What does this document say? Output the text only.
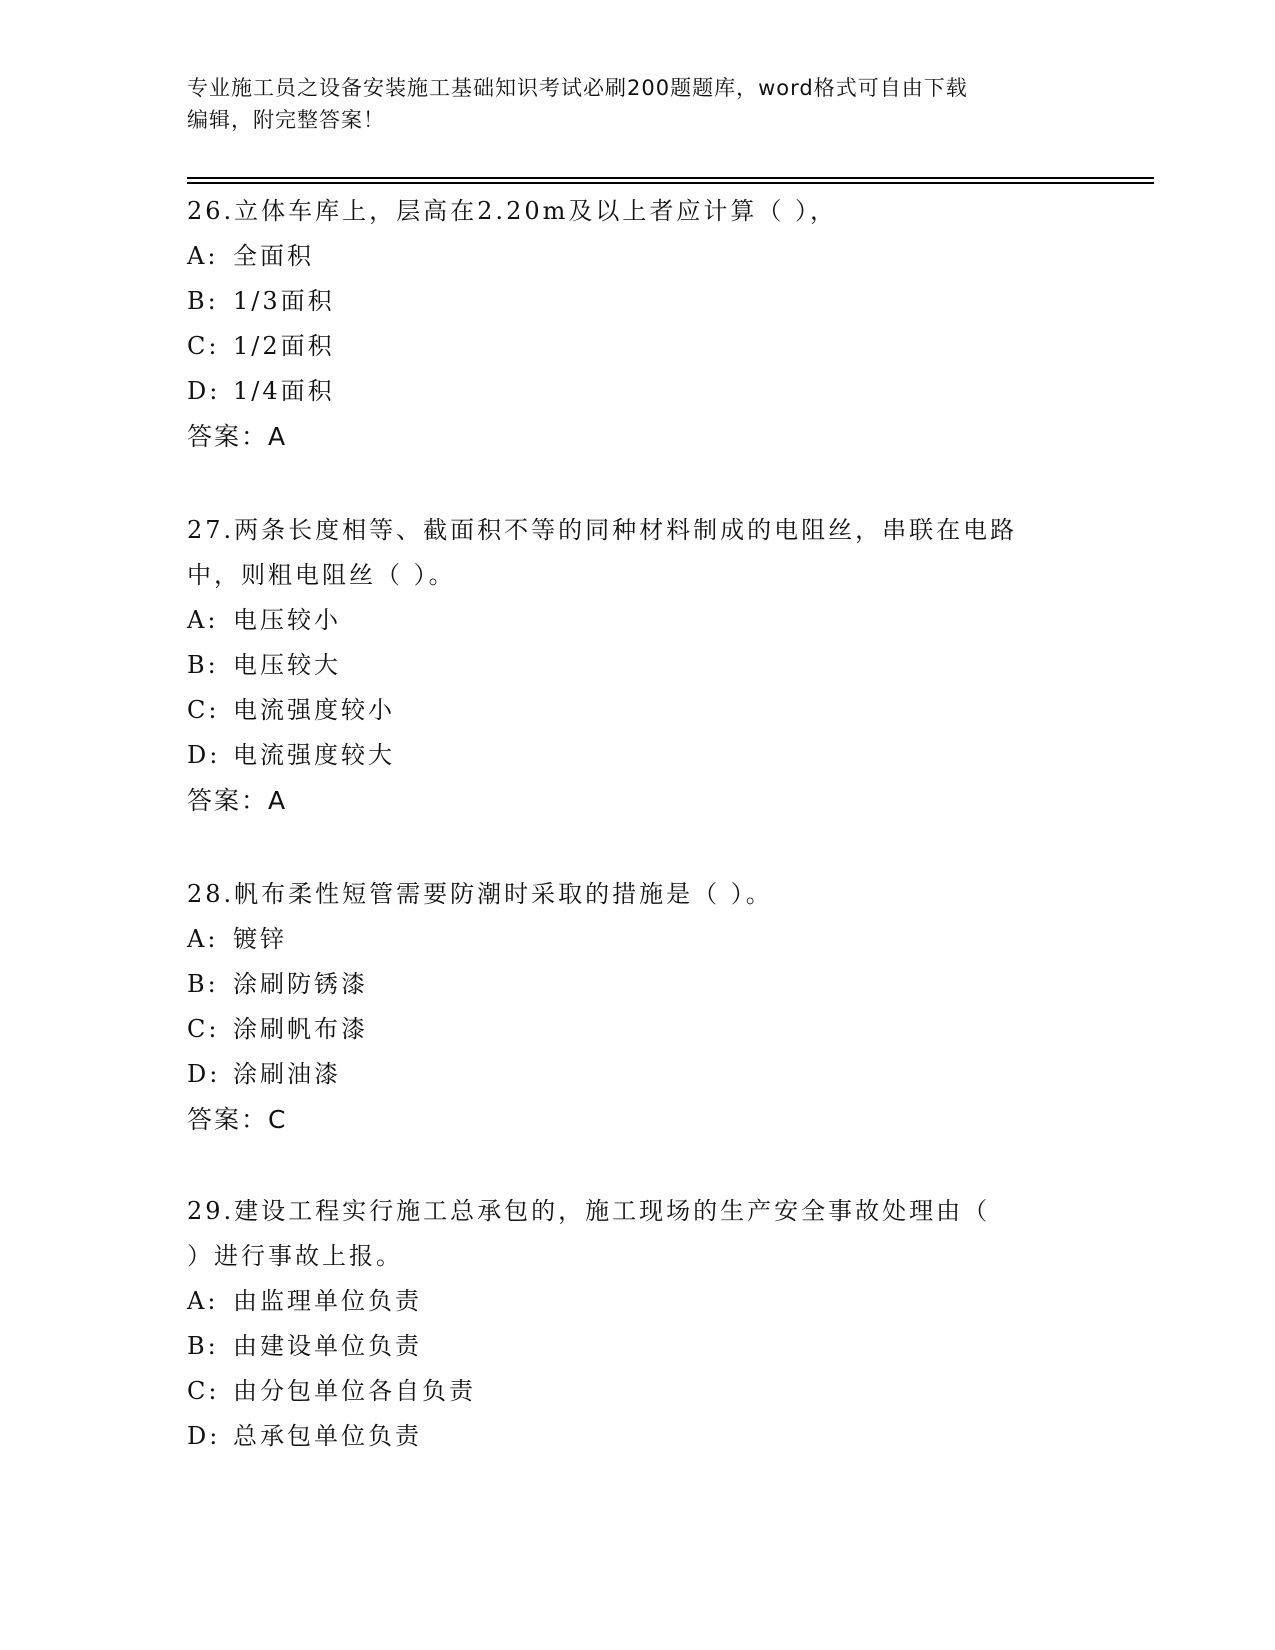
专业施工员之设备安装施工基础知识考试必刷200题题库，word格式可自由下载
编辑，附完整答案！

26.立体车库上，层高在2.20m及以上者应计算（ ），

A: 全面积

B: 1/3面积

C: 1/2面积

D: 1/4面积

答案：A

27.两条长度相等、截面积不等的同种材料制成的电阻丝，串联在电路

中，则粗电阻丝（ ）。

A: 电压较小

B: 电压较大

C: 电流强度较小

D: 电流强度较大

答案：A

28.帆布柔性短管需要防潮时采取的措施是（ ）。

A: 镀锌

B: 涂刷防锈漆

C: 涂刷帆布漆

D: 涂刷油漆

答案：C

29.建设工程实行施工总承包的，施工现场的生产安全事故处理由（

）进行事故上报。

A: 由监理单位负责

B: 由建设单位负责

C: 由分包单位各自负责

D: 总承包单位负责
